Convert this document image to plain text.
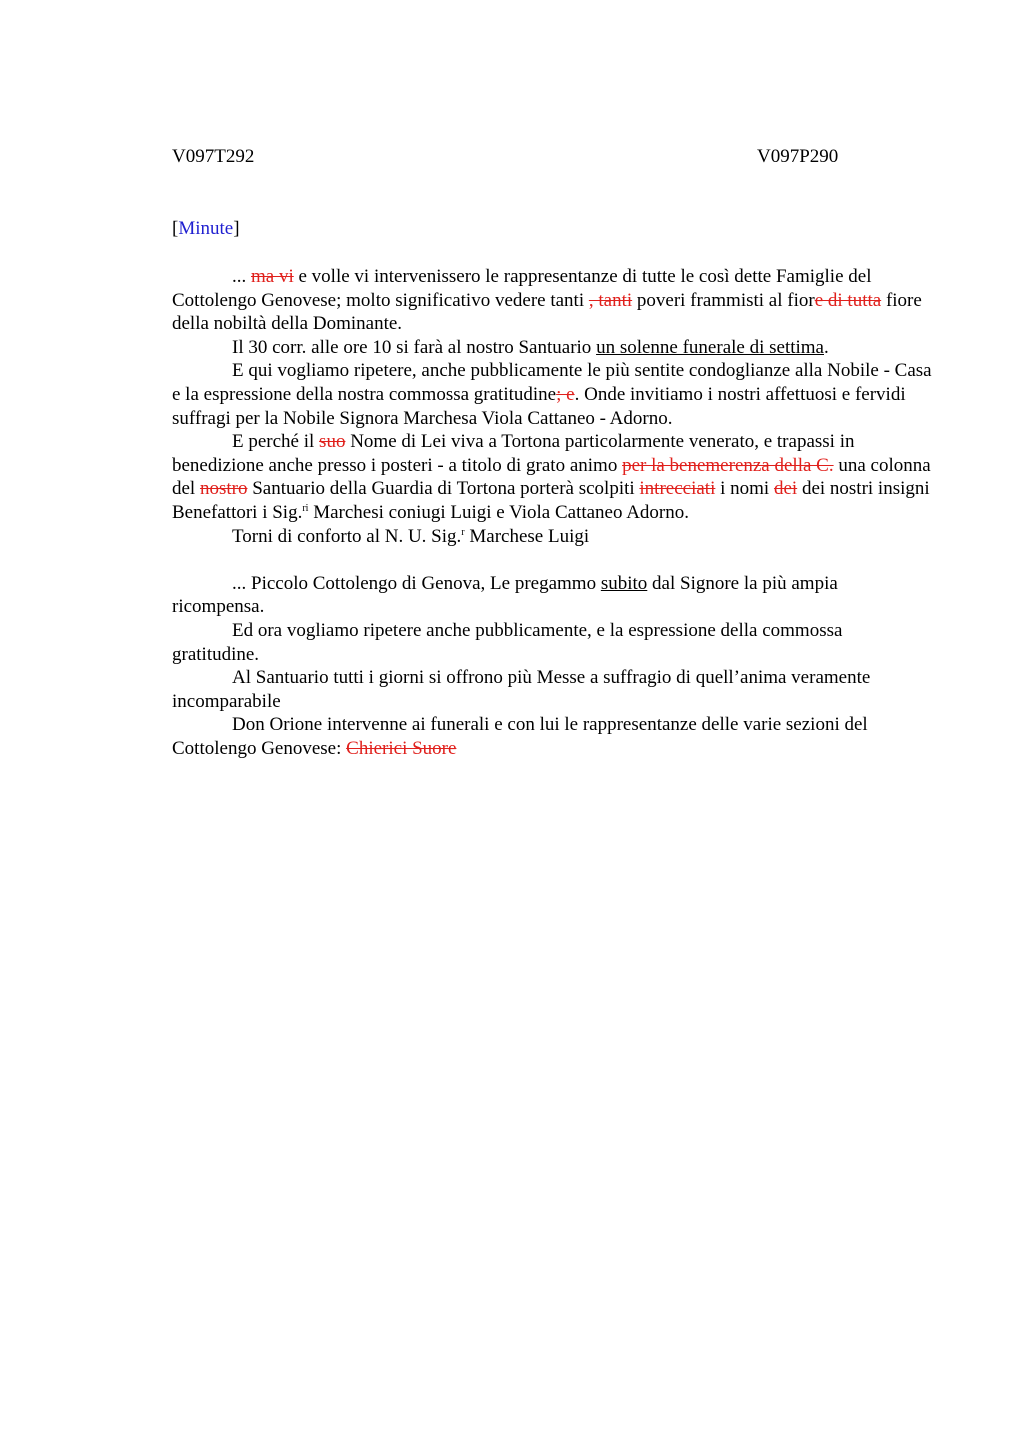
V097T292	V097P290
[Minute]

... ma vi e volle vi intervenissero le rappresentanze di tutte le così dette Famiglie del Cottolengo Genovese; molto significativo vedere tanti , tanti poveri frammisti al fiore di tutta fiore della nobiltà della Dominante.

Il 30 corr. alle ore 10 si farà al nostro Santuario un solenne funerale di settima.

E qui vogliamo ripetere, anche pubblicamente le più sentite condoglianze alla Nobile - Casa e la espressione della nostra commossa gratitudine; e. Onde invitiamo i nostri affettuosi e fervidi suffragi per la Nobile Signora Marchesa Viola Cattaneo - Adorno.

E perché il suo Nome di Lei viva a Tortona particolarmente venerato, e trapassi in benedizione anche presso i posteri - a titolo di grato animo per la benemerenza della C. una colonna del nostro Santuario della Guardia di Tortona porterà scolpiti intrecciati i nomi dei dei nostri insigni Benefattori i Sig.$^{ri}$ Marchesi coniugi Luigi e Viola Cattaneo Adorno.

Torni di conforto al N. U. Sig.$^r$ Marchese Luigi

... Piccolo Cottolengo di Genova, Le pregammo subito dal Signore la più ampia ricompensa.

Ed ora vogliamo ripetere anche pubblicamente, e la espressione della commossa gratitudine.

Al Santuario tutti i giorni si offrono più Messe a suffragio di quell’anima veramente incomparabile

Don Orione intervenne ai funerali e con lui le rappresentanze delle varie sezioni del Cottolengo Genovese: Chierici Suore
